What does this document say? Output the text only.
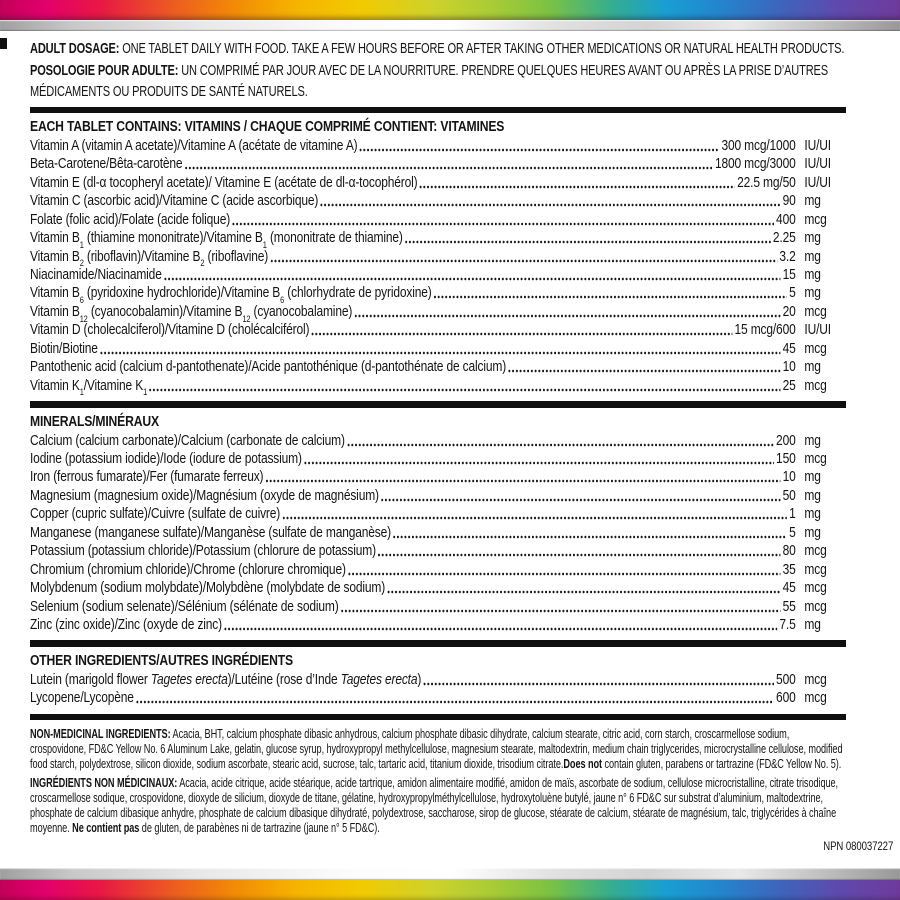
ADULT DOSAGE: ONE TABLET DAILY WITH FOOD. TAKE A FEW HOURS BEFORE OR AFTER TAKING OTHER MEDICATIONS OR NATURAL HEALTH PRODUCTS.

POSOLOGIE POUR ADULTE: UN COMPRIMÉ PAR JOUR AVEC DE LA NOURRITURE. PRENDRE QUELQUES HEURES AVANT OU APRÈS LA PRISE D’AUTRES MÉDICAMENTS OU PRODUITS DE SANTÉ NATURELS.

EACH TABLET CONTAINS: VITAMINS / CHAQUE COMPRIMÉ CONTIENT: VITAMINES
Vitamin A (vitamin A acetate)/Vitamine A (acétate de vitamine A)	300 mcg/1000 IU/UI
Beta-Carotene/Bêta-carotène	1800 mcg/3000 IU/UI
Vitamin E (dl-α tocopheryl acetate)/ Vitamine E (acétate de dl-α-tocophérol)	22.5 mg/50 IU/UI
Vitamin C (ascorbic acid)/Vitamine C (acide ascorbique)	90 mg
Folate (folic acid)/Folate (acide folique)	400 mcg
Vitamin $B_1$ (thiamine mononitrate)/Vitamine $B_1$ (mononitrate de thiamine)	2.25 mg
Vitamin $B_2$ (riboflavin)/Vitamine $B_2$ (riboflavine)	3.2 mg
Niacinamide/Niacinamide	15 mg
Vitamin $B_6$ (pyridoxine hydrochloride)/Vitamine $B_6$ (chlorhydrate de pyridoxine)	5 mg
Vitamin $B_{12}$ (cyanocobalamin)/Vitamine $B_{12}$ (cyanocobalamine)	20 mcg
Vitamin D (cholecalciferol)/Vitamine D (cholécalciférol)	15 mcg/600 IU/UI
Biotin/Biotine	45 mcg
Pantothenic acid (calcium d-pantothenate)/Acide pantothénique (d-pantothénate de calcium)	10 mg
Vitamin $K_1$/Vitamine $K_1$	25 mcg
MINERALS/MINÉRAUX
Calcium (calcium carbonate)/Calcium (carbonate de calcium)	200 mg
Iodine (potassium iodide)/Iode (iodure de potassium)	150 mcg
Iron (ferrous fumarate)/Fer (fumarate ferreux)	10 mg
Magnesium (magnesium oxide)/Magnésium (oxyde de magnésium)	50 mg
Copper (cupric sulfate)/Cuivre (sulfate de cuivre)	1 mg
Manganese (manganese sulfate)/Manganèse (sulfate de manganèse)	5 mg
Potassium (potassium chloride)/Potassium (chlorure de potassium)	80 mcg
Chromium (chromium chloride)/Chrome (chlorure chromique)	35 mcg
Molybdenum (sodium molybdate)/Molybdène (molybdate de sodium)	45 mcg
Selenium (sodium selenate)/Sélénium (sélénate de sodium)	55 mcg
Zinc (zinc oxide)/Zinc (oxyde de zinc)	7.5 mg
OTHER INGREDIENTS/AUTRES INGRÉDIENTS
Lutein (marigold flower Tagetes erecta)/Lutéine (rose d’Inde Tagetes erecta)	500 mcg
Lycopene/Lycopène	600 mcg

NON-MEDICINAL INGREDIENTS: Acacia, BHT, calcium phosphate dibasic anhydrous, calcium phosphate dibasic dihydrate, calcium stearate, citric acid, corn starch, croscarmellose sodium, crospovidone, FD&C Yellow No. 6 Aluminum Lake, gelatin, glucose syrup, hydroxypropyl methylcellulose, magnesium stearate, maltodextrin, medium chain triglycerides, microcrystalline cellulose, modified food starch, polydextrose, silicon dioxide, sodium ascorbate, stearic acid, sucrose, talc, tartaric acid, titanium dioxide, trisodium citrate.Does not contain gluten, parabens or tartrazine (FD&C Yellow No. 5).

INGRÉDIENTS NON MÉDICINAUX: Acacia, acide citrique, acide stéarique, acide tartrique, amidon alimentaire modifié, amidon de maïs, ascorbate de sodium, cellulose microcristalline, citrate trisodique, croscarmellose sodique, crospovidone, dioxyde de silicium, dioxyde de titane, gélatine, hydroxypropylméthylcellulose, hydroxytoluène butylé, jaune n° 6 FD&C sur substrat d’aluminium, maltodextrine, phosphate de calcium dibasique anhydre, phosphate de calcium dibasique dihydraté, polydextrose, saccharose, sirop de glucose, stéarate de calcium, stéarate de magnésium, talc, triglycérides à chaîne moyenne. Ne contient pas de gluten, de parabènes ni de tartrazine (jaune n° 5 FD&C).

NPN 080037227
